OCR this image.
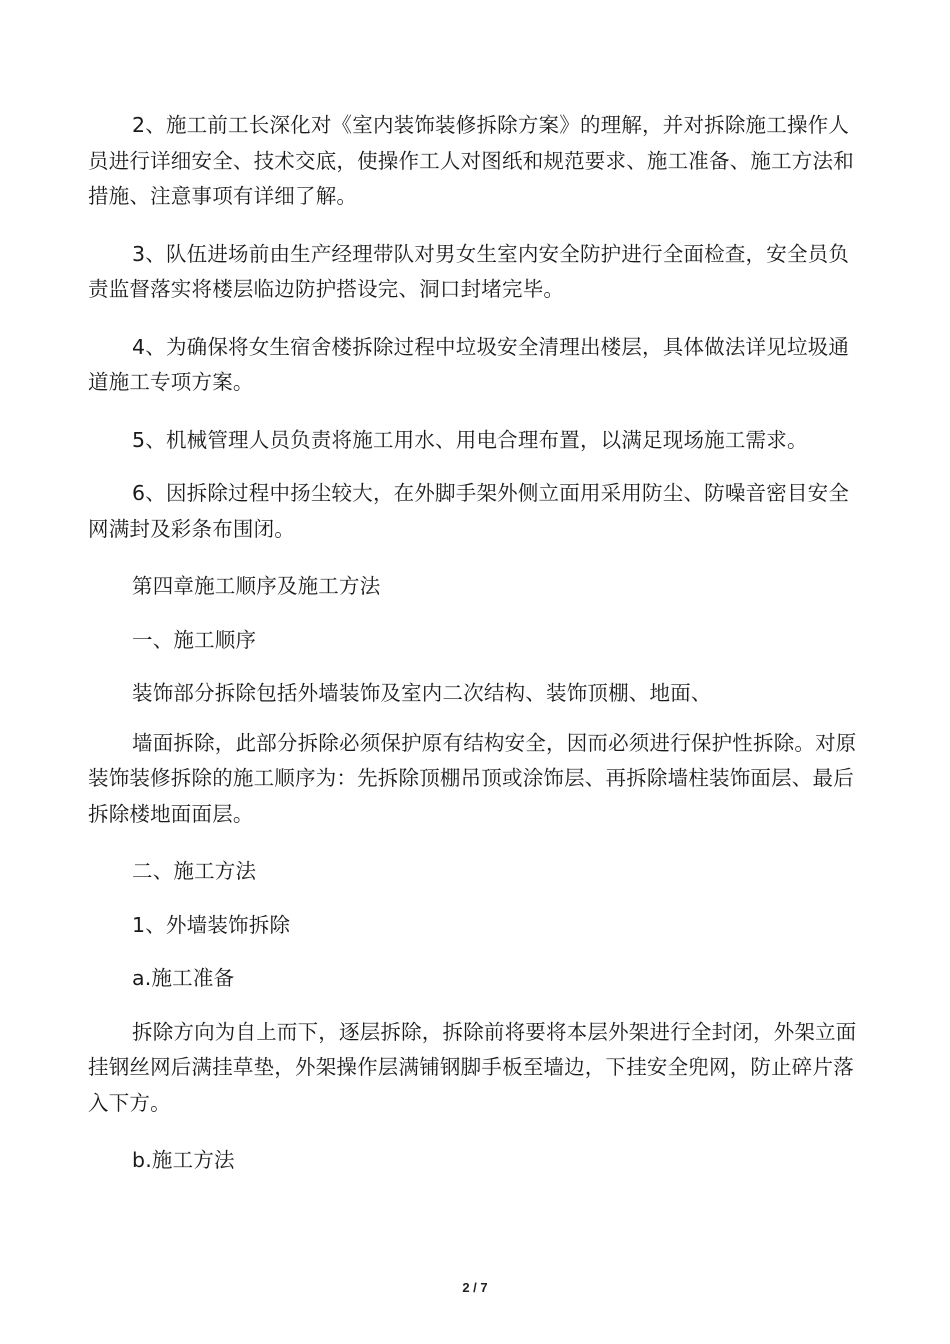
2、施工前工长深化对《室内装饰装修拆除方案》的理解，并对拆除施工操作人员进行详细安全、技术交底，使操作工人对图纸和规范要求、施工准备、施工方法和措施、注意事项有详细了解。

3、队伍进场前由生产经理带队对男女生室内安全防护进行全面检查，安全员负责监督落实将楼层临边防护搭设完、洞口封堵完毕。

4、为确保将女生宿舍楼拆除过程中垃圾安全清理出楼层，具体做法详见垃圾通道施工专项方案。

5、机械管理人员负责将施工用水、用电合理布置，以满足现场施工需求。

6、因拆除过程中扬尘较大，在外脚手架外侧立面用采用防尘、防噪音密目安全网满封及彩条布围闭。

第四章施工顺序及施工方法

一、施工顺序

装饰部分拆除包括外墙装饰及室内二次结构、装饰顶棚、地面、

墙面拆除，此部分拆除必须保护原有结构安全，因而必须进行保护性拆除。对原装饰装修拆除的施工顺序为：先拆除顶棚吊顶或涂饰层、再拆除墙柱装饰面层、最后拆除楼地面面层。

二、施工方法

1、外墙装饰拆除

a.施工准备

拆除方向为自上而下，逐层拆除，拆除前将要将本层外架进行全封闭，外架立面挂钢丝网后满挂草垫，外架操作层满铺钢脚手板至墙边，下挂安全兜网，防止碎片落入下方。

b.施工方法

2 / 7
